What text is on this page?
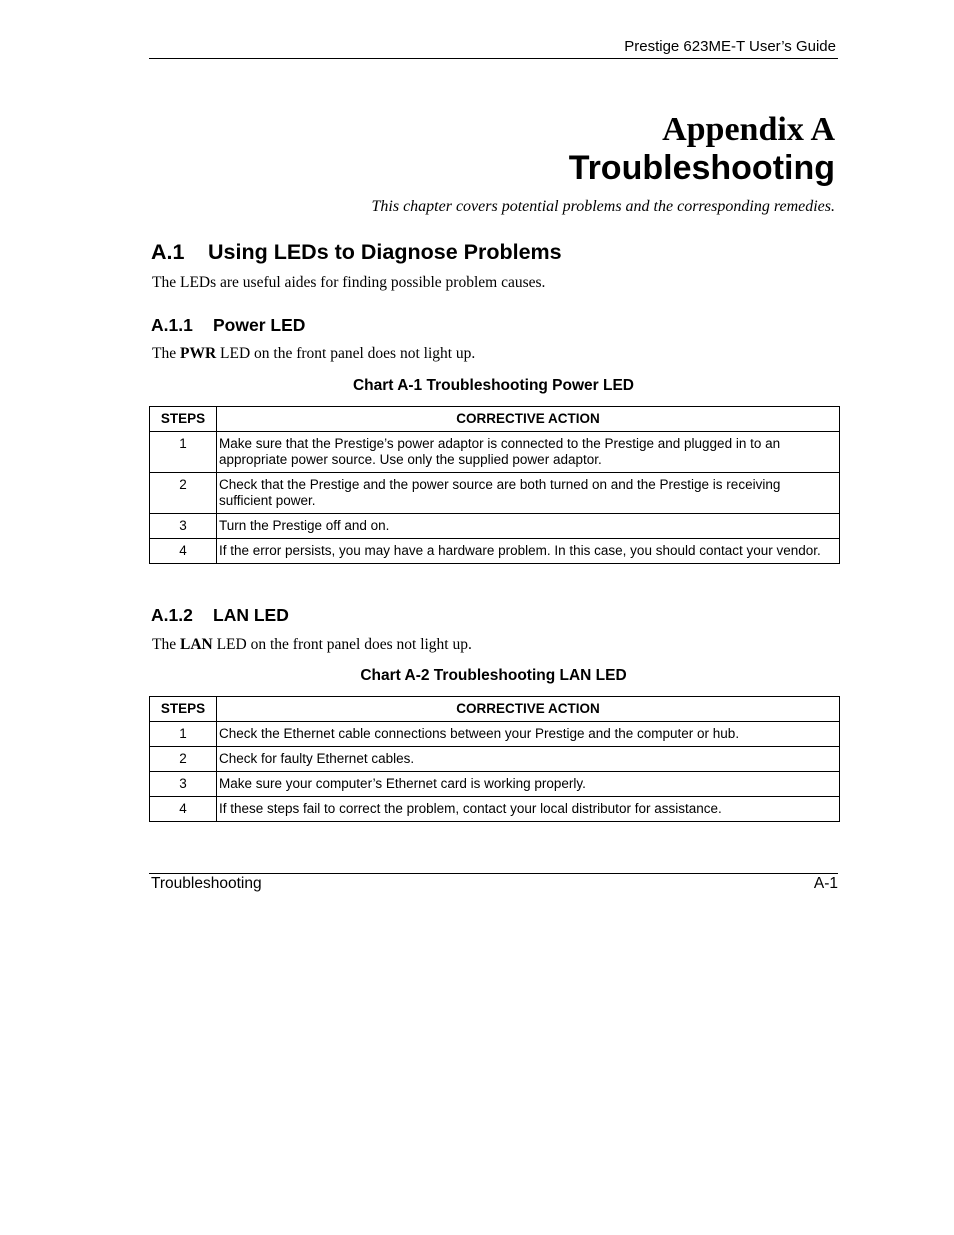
Prestige 623ME-T User’s Guide
Appendix A
Troubleshooting
This chapter covers potential problems and the corresponding remedies.
A.1 Using LEDs to Diagnose Problems
The LEDs are useful aides for finding possible problem causes.
A.1.1 Power LED
The PWR LED on the front panel does not light up.
Chart A-1 Troubleshooting Power LED
STEPS	CORRECTIVE ACTION
1	Make sure that the Prestige’s power adaptor is connected to the Prestige and plugged in to an appropriate power source. Use only the supplied power adaptor.
2	Check that the Prestige and the power source are both turned on and the Prestige is receiving sufficient power.
3	Turn the Prestige off and on.
4	If the error persists, you may have a hardware problem. In this case, you should contact your vendor.
A.1.2 LAN LED
The LAN LED on the front panel does not light up.
Chart A-2 Troubleshooting LAN LED
STEPS	CORRECTIVE ACTION
1	Check the Ethernet cable connections between your Prestige and the computer or hub.
2	Check for faulty Ethernet cables.
3	Make sure your computer’s Ethernet card is working properly.
4	If these steps fail to correct the problem, contact your local distributor for assistance.
Troubleshooting	A-1
